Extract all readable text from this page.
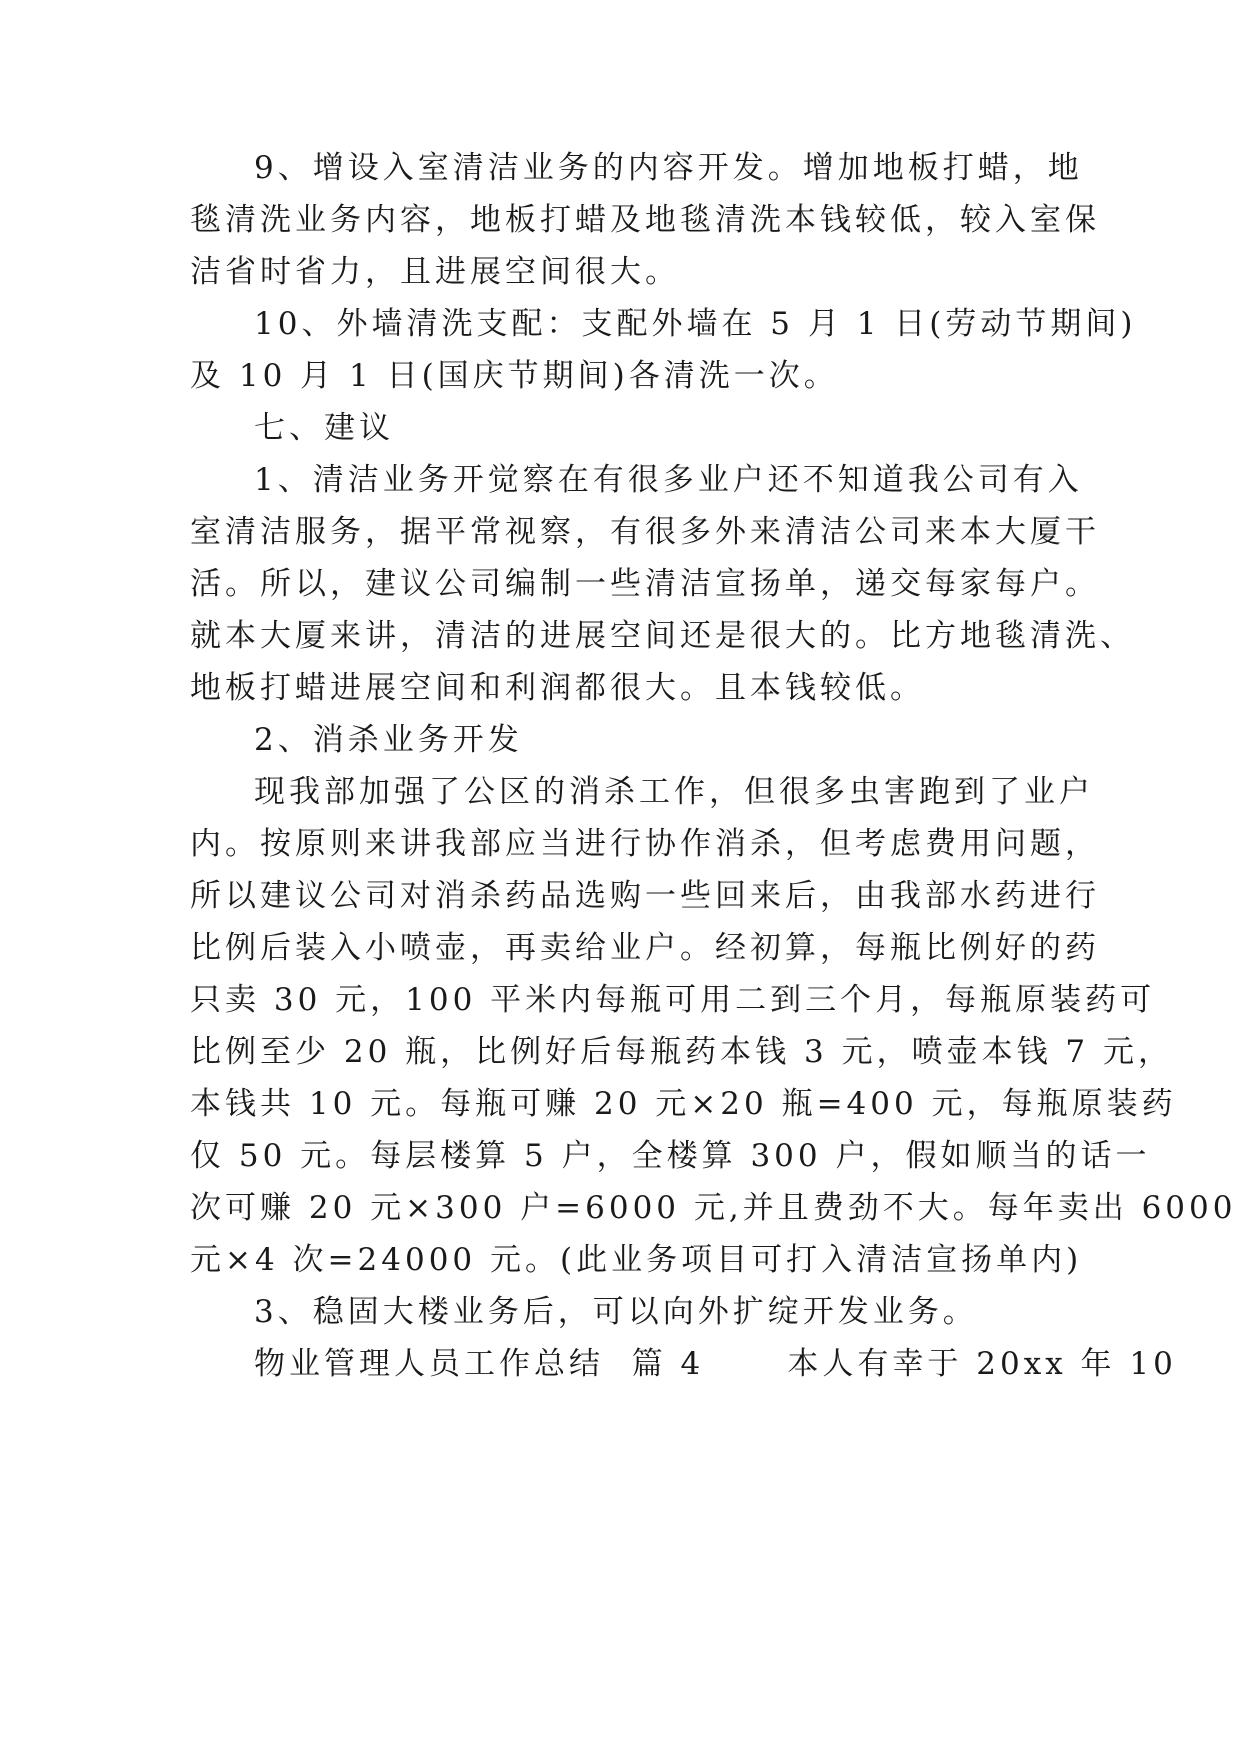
9、增设入室清洁业务的内容开发。增加地板打蜡，地
毯清洗业务内容，地板打蜡及地毯清洗本钱较低，较入室保
洁省时省力，且进展空间很大。
10、外墙清洗支配：支配外墙在 5 月 1 日(劳动节期间)
及 10 月 1 日(国庆节期间)各清洗一次。
七、建议
1、清洁业务开觉察在有很多业户还不知道我公司有入
室清洁服务，据平常视察，有很多外来清洁公司来本大厦干
活。所以，建议公司编制一些清洁宣扬单，递交每家每户。
就本大厦来讲，清洁的进展空间还是很大的。比方地毯清洗、
地板打蜡进展空间和利润都很大。且本钱较低。
2、消杀业务开发
现我部加强了公区的消杀工作，但很多虫害跑到了业户
内。按原则来讲我部应当进行协作消杀，但考虑费用问题，
所以建议公司对消杀药品选购一些回来后，由我部水药进行
比例后装入小喷壶，再卖给业户。经初算，每瓶比例好的药
只卖 30 元，100 平米内每瓶可用二到三个月，每瓶原装药可
比例至少 20 瓶，比例好后每瓶药本钱 3 元，喷壶本钱 7 元，
本钱共 10 元。每瓶可赚 20 元×20 瓶=400 元，每瓶原装药
仅 50 元。每层楼算 5 户，全楼算 300 户，假如顺当的话一
次可赚 20 元×300 户=6000 元,并且费劲不大。每年卖出 6000
元×4 次=24000 元。(此业务项目可打入清洁宣扬单内)
3、稳固大楼业务后，可以向外扩绽开发业务。
物业管理人员工作总结  篇 4      本人有幸于 20xx 年 10
